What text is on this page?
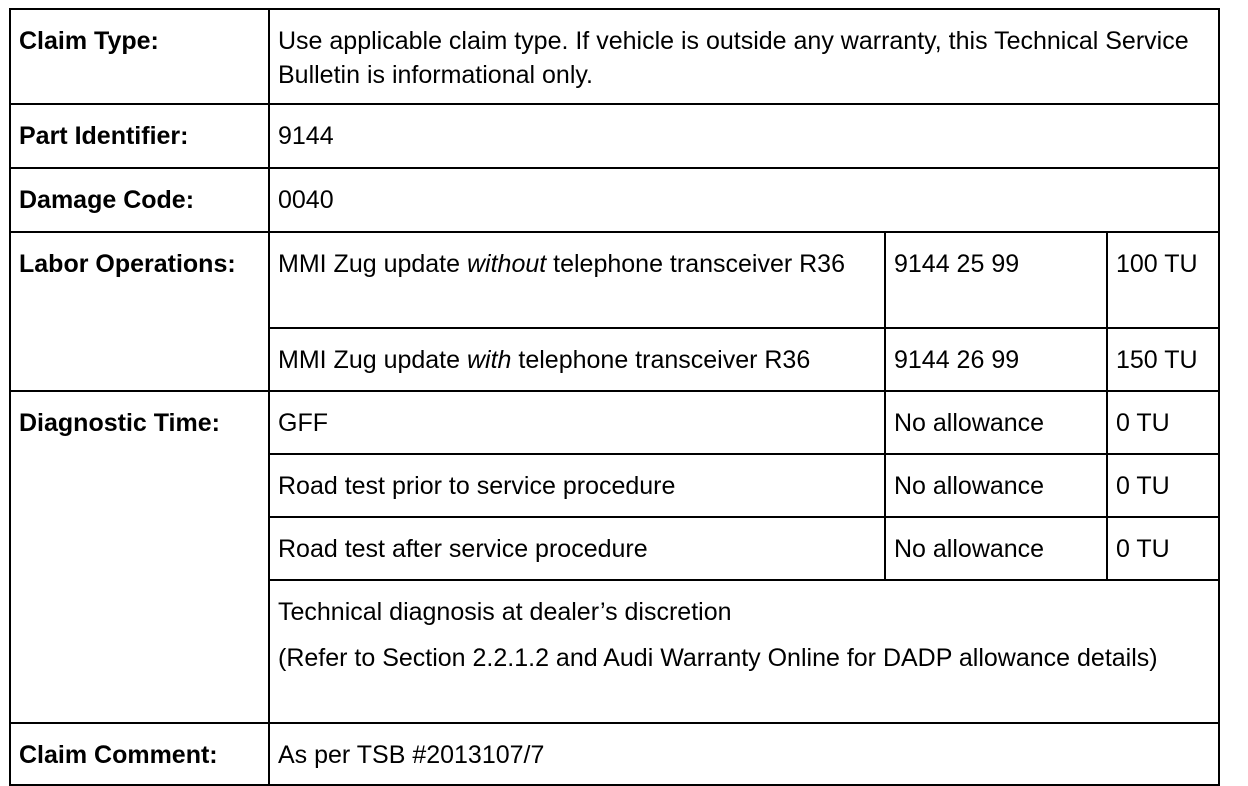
Claim Type:	Use applicable claim type. If vehicle is outside any warranty, this Technical Service Bulletin is informational only.		
Part Identifier:	9144		
Damage Code:	0040		
Labor Operations:	MMI Zug update without telephone transceiver R36	9144 25 99	100 TU
	MMI Zug update with telephone transceiver R36	9144 26 99	150 TU
Diagnostic Time:	GFF	No allowance	0 TU
	Road test prior to service procedure	No allowance	0 TU
	Road test after service procedure	No allowance	0 TU

	Technical diagnosis at dealer’s discretion
(Refer to Section 2.2.1.2 and Audi Warranty Online for DADP allowance details)		

Claim Comment:	As per TSB #2013107/7		
